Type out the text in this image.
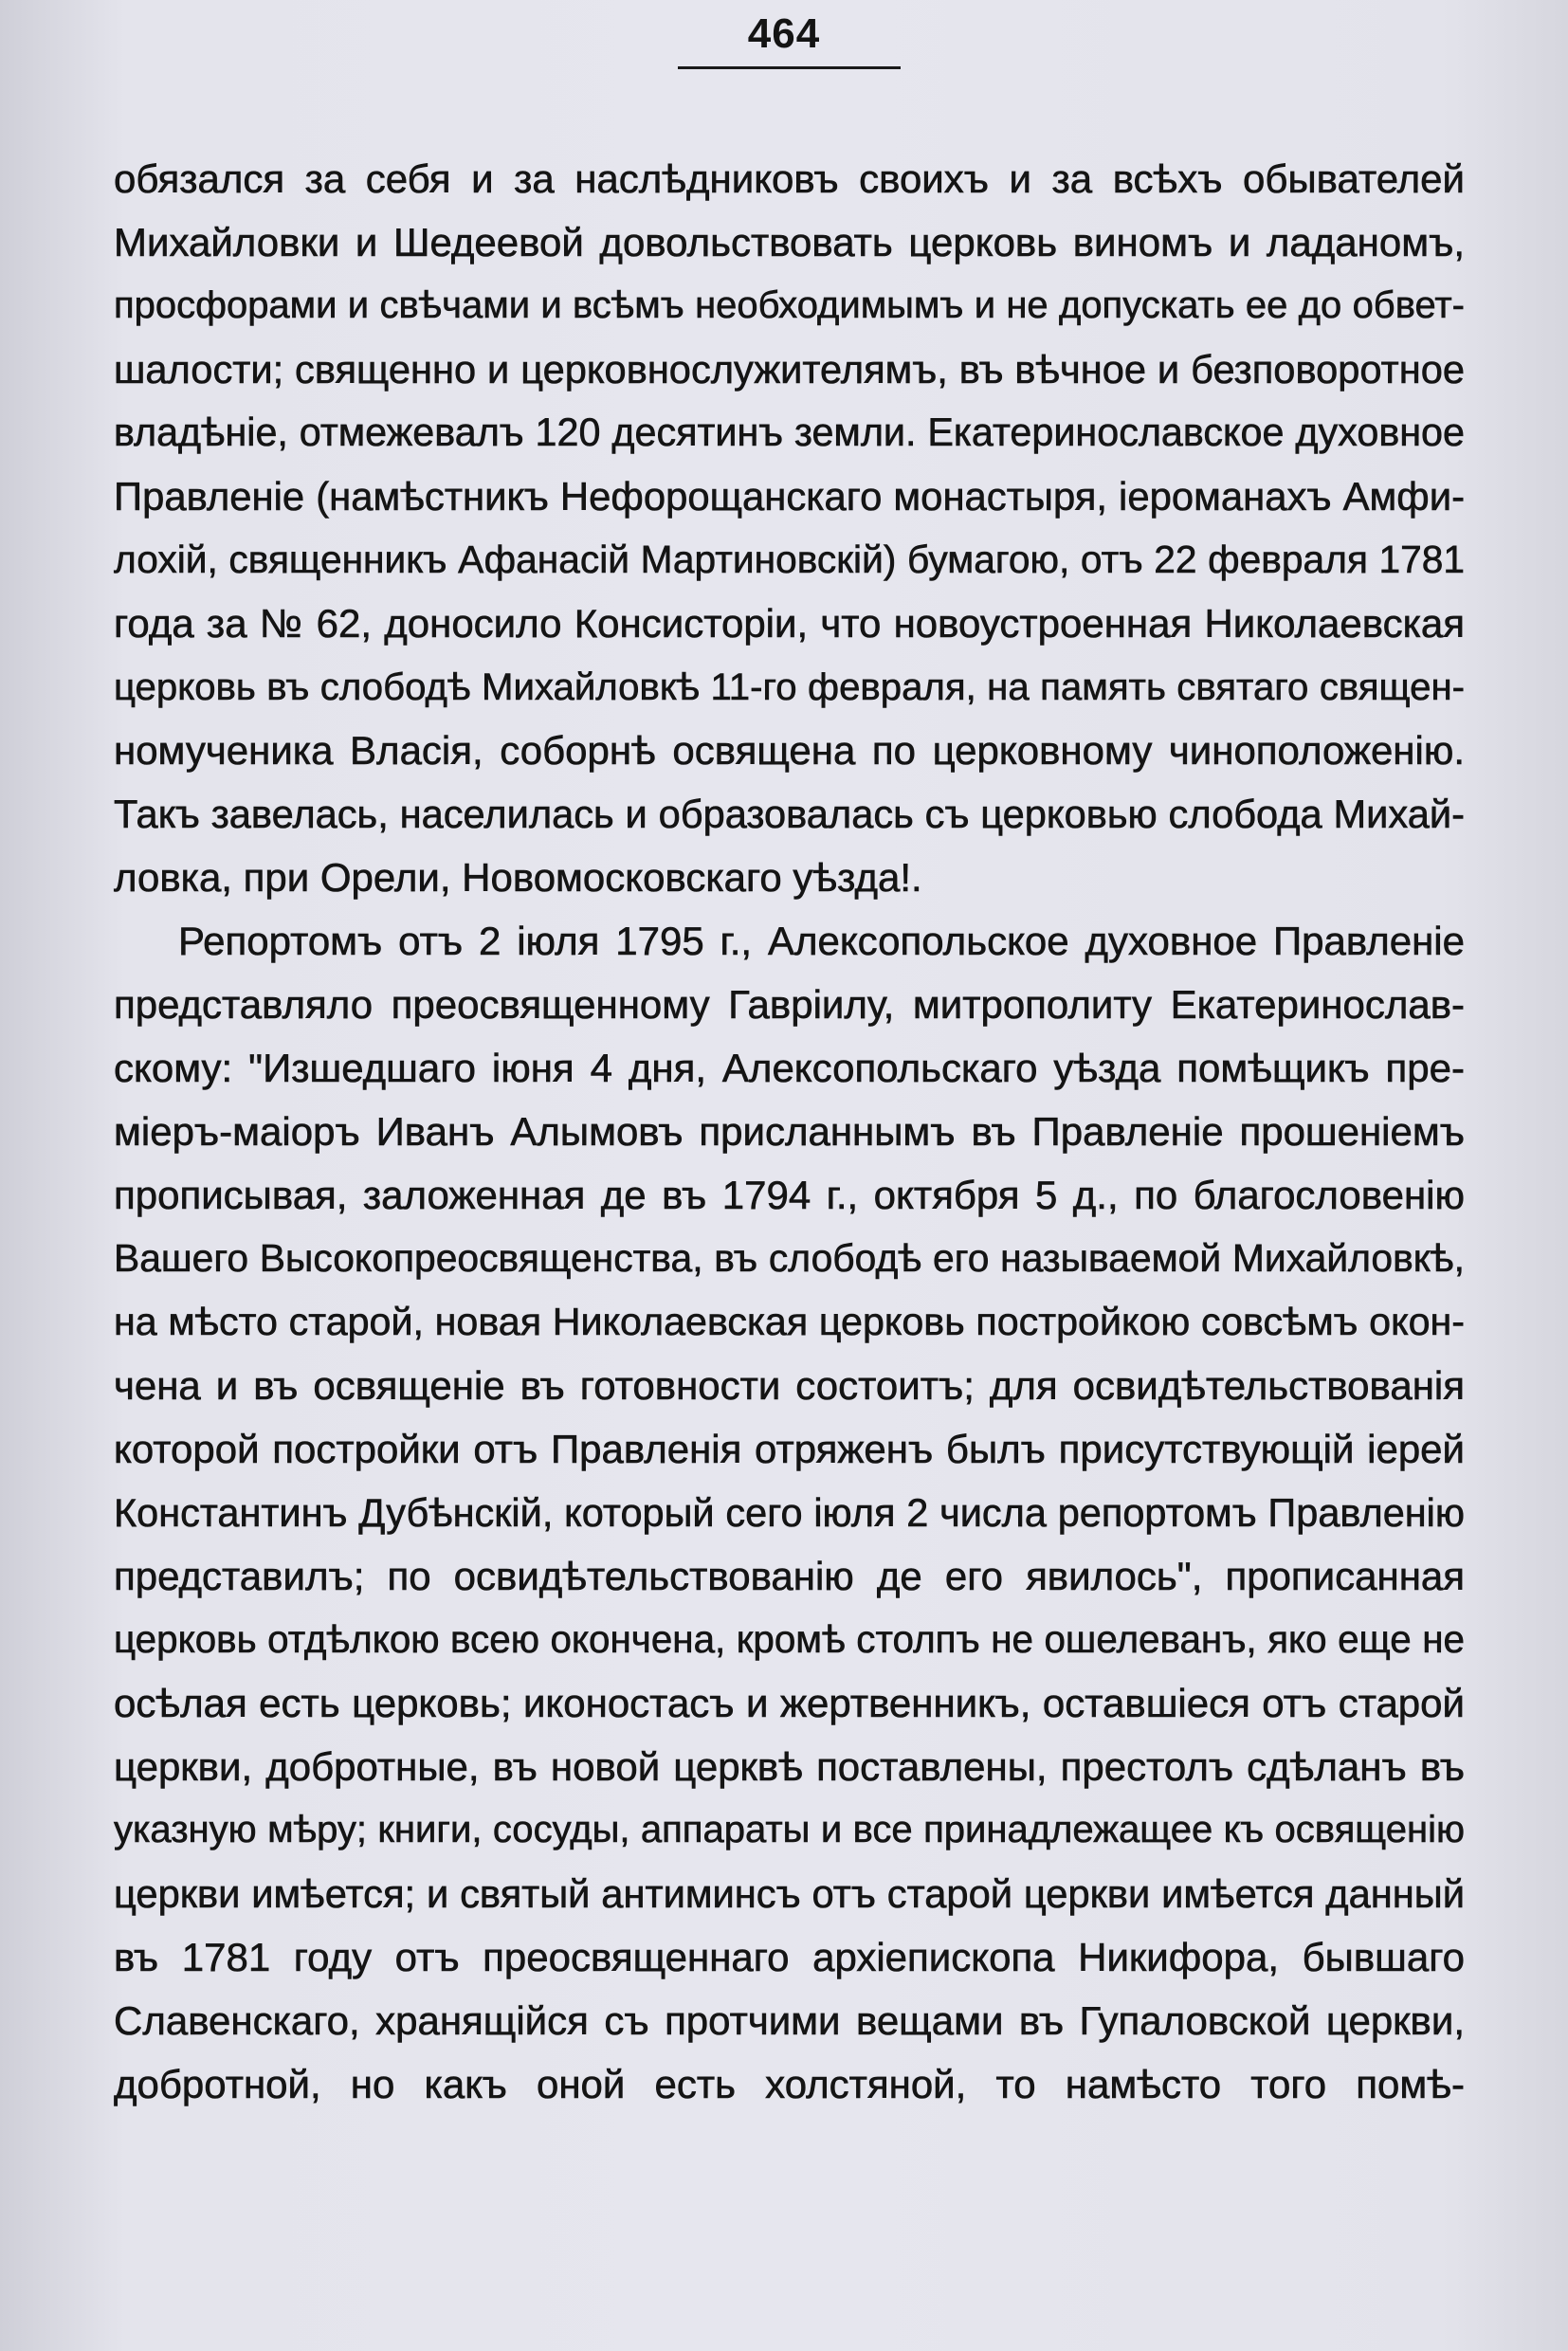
464
обязался за себя и за наслѣдниковъ своихъ и за всѣхъ обывателей
Михайловки и Шедеевой довольствовать церковь виномъ и ладаномъ,
просфорами и свѣчами и всѣмъ необходимымъ и не допускать ее до обвет-
шалости; священно и церковнослужителямъ, въ вѣчное и безповоротное
владѣніе, отмежевалъ 120 десятинъ земли. Екатеринославское духовное
Правленіе (намѣстникъ Нефорощанскаго монастыря, іероманахъ Амфи-
лохій, священникъ Афанасій Мартиновскій) бумагою, отъ 22 февраля 1781
года за № 62, доносило Консисторіи, что новоустроенная Николаевская
церковь въ слободѣ Михайловкѣ 11-го февраля, на память святаго священ-
номученика Власія, соборнѣ освящена по церковному чиноположенію.
Такъ завелась, населилась и образовалась съ церковью слобода Михай-
ловка, при Орели, Новомосковскаго уѣзда!.
Репортомъ отъ 2 іюля 1795 г., Алексопольское духовное Правленіе
представляло преосвященному Гавріилу, митрополиту Екатеринослав-
скому: "Изшедшаго іюня 4 дня, Алексопольскаго уѣзда помѣщикъ пре-
міеръ-маіоръ Иванъ Алымовъ присланнымъ въ Правленіе прошеніемъ
прописывая, заложенная де въ 1794 г., октября 5 д., по благословенію
Вашего Высокопреосвященства, въ слободѣ его называемой Михайловкѣ,
на мѣсто старой, новая Николаевская церковь постройкою совсѣмъ окон-
чена и въ освященіе въ готовности состоитъ; для освидѣтельствованія
которой постройки отъ Правленія отряженъ былъ присутствующій іерей
Константинъ Дубѣнскій, который сего іюля 2 числа репортомъ Правленію
представилъ; по освидѣтельствованію де его явилось", прописанная
церковь отдѣлкою всею окончена, кромѣ столпъ не ошелеванъ, яко еще не
осѣлая есть церковь; иконостасъ и жертвенникъ, оставшіеся отъ старой
церкви, добротные, въ новой церквѣ поставлены, престолъ сдѣланъ въ
указную мѣру; книги, сосуды, аппараты и все принадлежащее къ освященію
церкви имѣется; и святый антиминсъ отъ старой церкви имѣется данный
въ 1781 году отъ преосвященнаго архіепископа Никифора, бывшаго
Славенскаго, хранящійся съ протчими вещами въ Гупаловской церкви,
добротной, но какъ оной есть холстяной, то намѣсто того помѣ-
